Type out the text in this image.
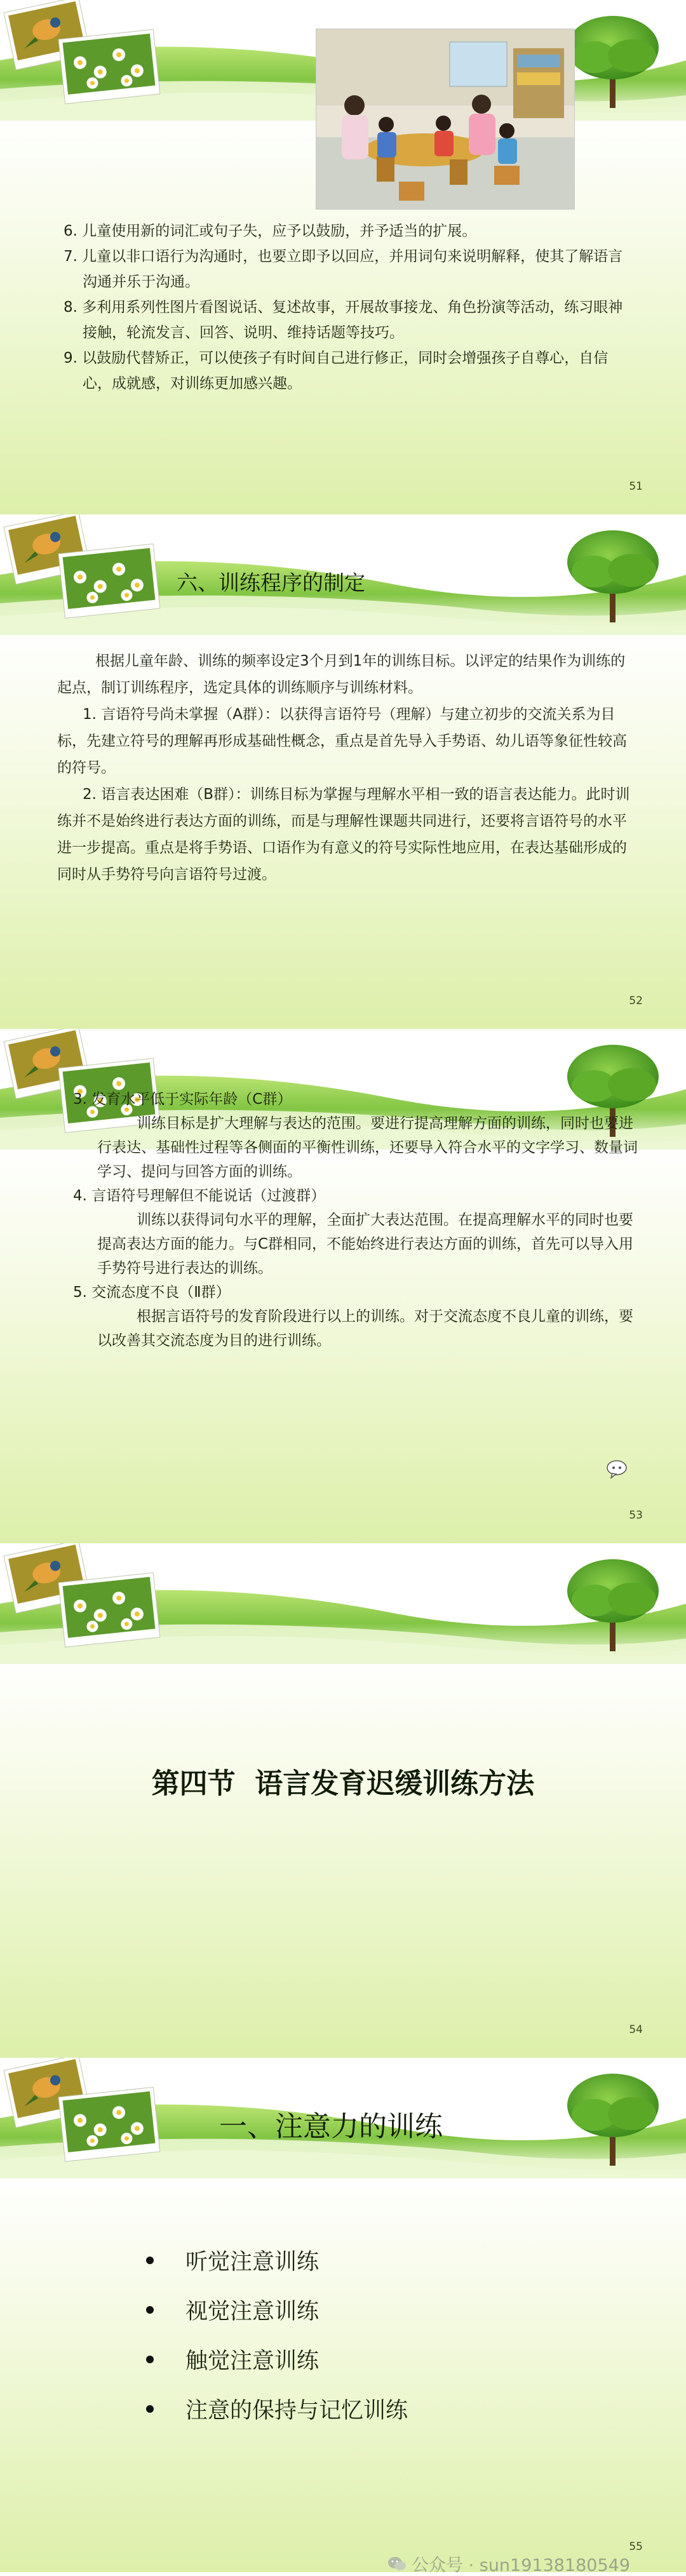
6. 儿童使用新的词汇或句子失，应予以鼓励，并予适当的扩展。
7. 儿童以非口语行为沟通时，也要立即予以回应，并用词句来说明解释，使其了解语言沟通并乐于沟通。
8. 多利用系列性图片看图说话、复述故事，开展故事接龙、角色扮演等活动，练习眼神接触，轮流发言、回答、说明、维持话题等技巧。
9. 以鼓励代替矫正，可以使孩子有时间自己进行修正，同时会增强孩子自尊心，自信心，成就感，对训练更加感兴趣。
51
六、训练程序的制定
根据儿童年龄、训练的频率设定3个月到1年的训练目标。以评定的结果作为训练的起点，制订训练程序，选定具体的训练顺序与训练材料。
1. 言语符号尚未掌握（A群）：以获得言语符号（理解）与建立初步的交流关系为目标，先建立符号的理解再形成基础性概念，重点是首先导入手势语、幼儿语等象征性较高的符号。
2. 语言表达困难（B群）：训练目标为掌握与理解水平相一致的语言表达能力。此时训练并不是始终进行表达方面的训练，而是与理解性课题共同进行，还要将言语符号的水平进一步提高。重点是将手势语、口语作为有意义的符号实际性地应用，在表达基础形成的同时从手势符号向言语符号过渡。
52
3. 发育水平低于实际年龄（C群）
训练目标是扩大理解与表达的范围。要进行提高理解方面的训练，同时也要进行表达、基础性过程等各侧面的平衡性训练，还要导入符合水平的文字学习、数量词学习、提问与回答方面的训练。
4. 言语符号理解但不能说话（过渡群）
训练以获得词句水平的理解，全面扩大表达范围。在提高理解水平的同时也要提高表达方面的能力。与C群相同，不能始终进行表达方面的训练，首先可以导入用手势符号进行表达的训练。
5. 交流态度不良（Ⅱ群）
根据言语符号的发育阶段进行以上的训练。对于交流态度不良儿童的训练，要以改善其交流态度为目的进行训练。
53
第四节  语言发育迟缓训练方法
54
一、注意力的训练
听觉注意训练
视觉注意训练
触觉注意训练
注意的保持与记忆训练
55
公众号 · sun19138180549
